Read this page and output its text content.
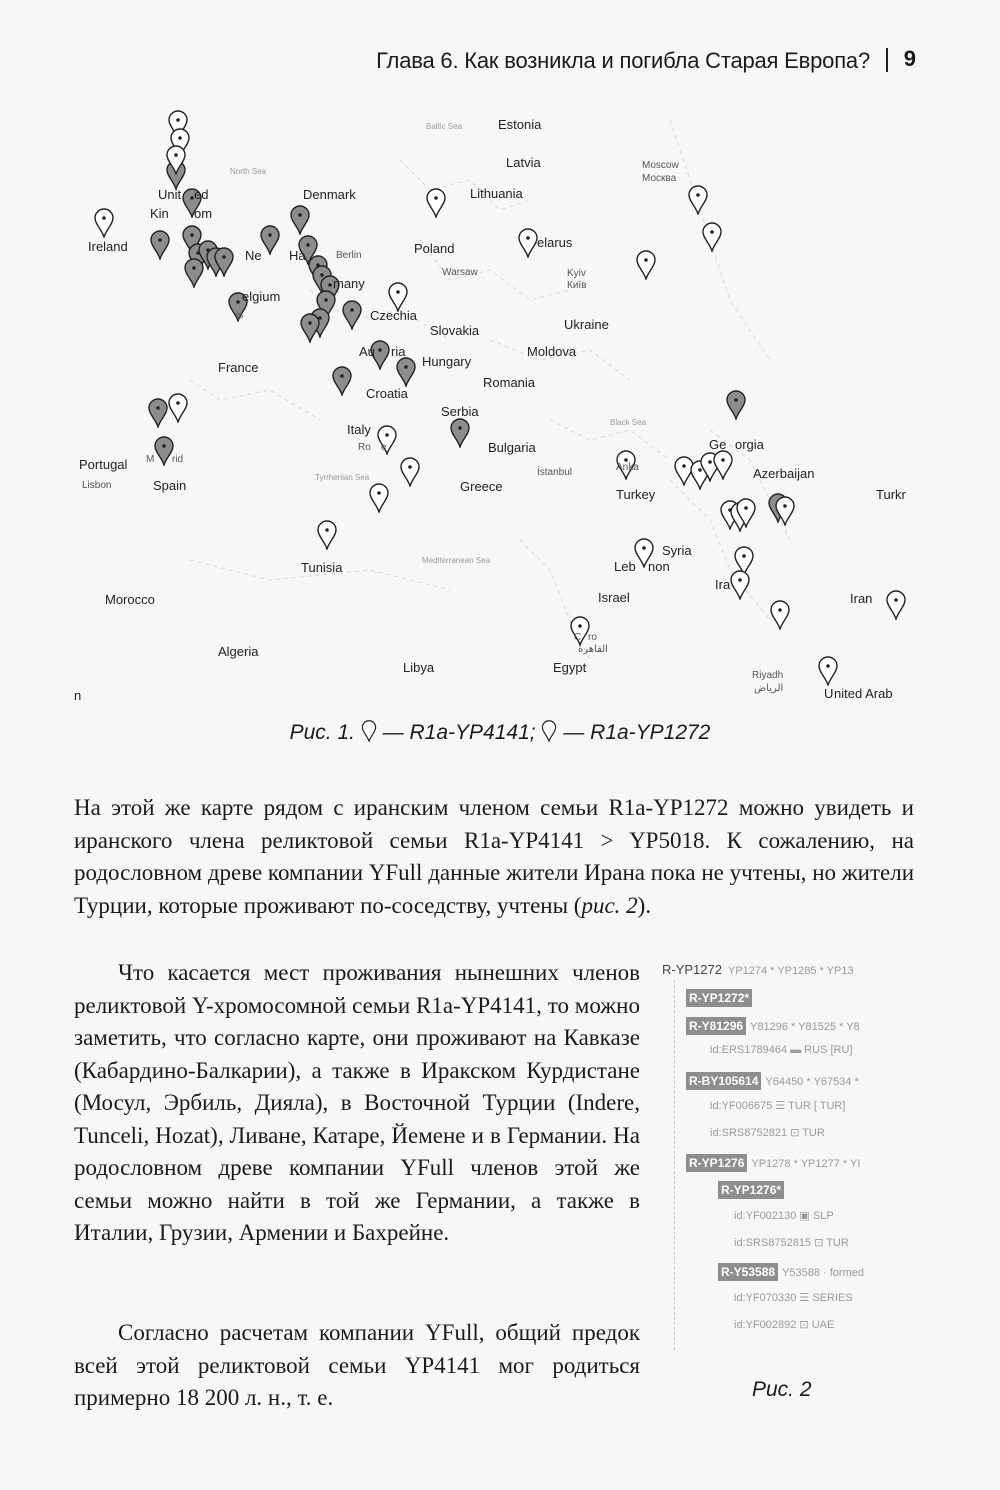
Глава 6. Как возникла и погибла Старая Европа? 9
Estonia
Baltic Sea
Latvia	Moscow
Москва
North Sea
Lithuania
Denmark
Unit ed
Kin om
Ireland
Ne Ha	Berlin	Poland
Warsaw
elarus
Kyiv
Київ
many
elgium
is	Czechia
Ukraine
Slovakia
Au ria	Moldova
Hungary
France
Romania
Croatia
Serbia
Black Sea
Italy
Ro e	Bulgaria	Ge orgia
Portugal M rid
İstanbul	Anka	Azerbaijan
Tyrrhenian Sea
Lisbon	Spain	Greece
Turkey	Turkr
Syria
Tunisia	Mediterranean Sea	Leb non
Ira
Morocco	Israel	Iran
C ro
القاهرة
Algeria
Libya	Egypt
Riyadh
الرياض	U nited Arab
n
Рис. 1. — R1a-YP4141; — R1a-YP1272
На этой же карте рядом с иранским членом семьи R1a-YP1272 можно увидеть и иранского члена реликтовой семьи R1a-YP4141 > YP5018. К сожалению, на родословном древе компании YFull данные жители Ирана пока не учтены, но жители Турции, которые проживают по-соседству, учтены (рис. 2).
Что касается мест проживания нынешних членов реликтовой Y-хромосомной семьи R1a-YP4141, то можно заметить, что согласно карте, они проживают на Кавказе (Кабардино-Балкарии), а также в Иракском Курдистане (Мосул, Эрбиль, Дияла), в Восточной Турции (Indere, Tunceli, Hozat), Ливане, Катаре, Йемене и в Германии. На родословном древе компании YFull членов этой же семьи можно найти в той же Германии, а также в Италии, Грузии, Армении и Бахрейне.
Согласно расчетам компании YFull, общий предок всей этой реликтовой семьи YP4141 мог родиться примерно 18 200 л. н., т. е.
R-YP1272 YP1274 * YP1285 * YP13
R-YP1272*
R-Y81296 Y81296 * Y81525 * Y8
id:ERS1789464 ▬ RUS [RU]
R-BY105614 Y64450 * Y67534 *
id:YF006675 ☰ TUR [ TUR]
id:SRS8752821 ⊡ TUR
R-YP1276 YP1278 * YP1277 * YI
R-YP1276*
id:YF002130 ▣ SLP
id:SRS8752815 ⊡ TUR
R-Y53588 Y53588 · formed
id:YF070330 ☰ SERIES
id:YF002892 ⊡ UAE
Рис. 2
